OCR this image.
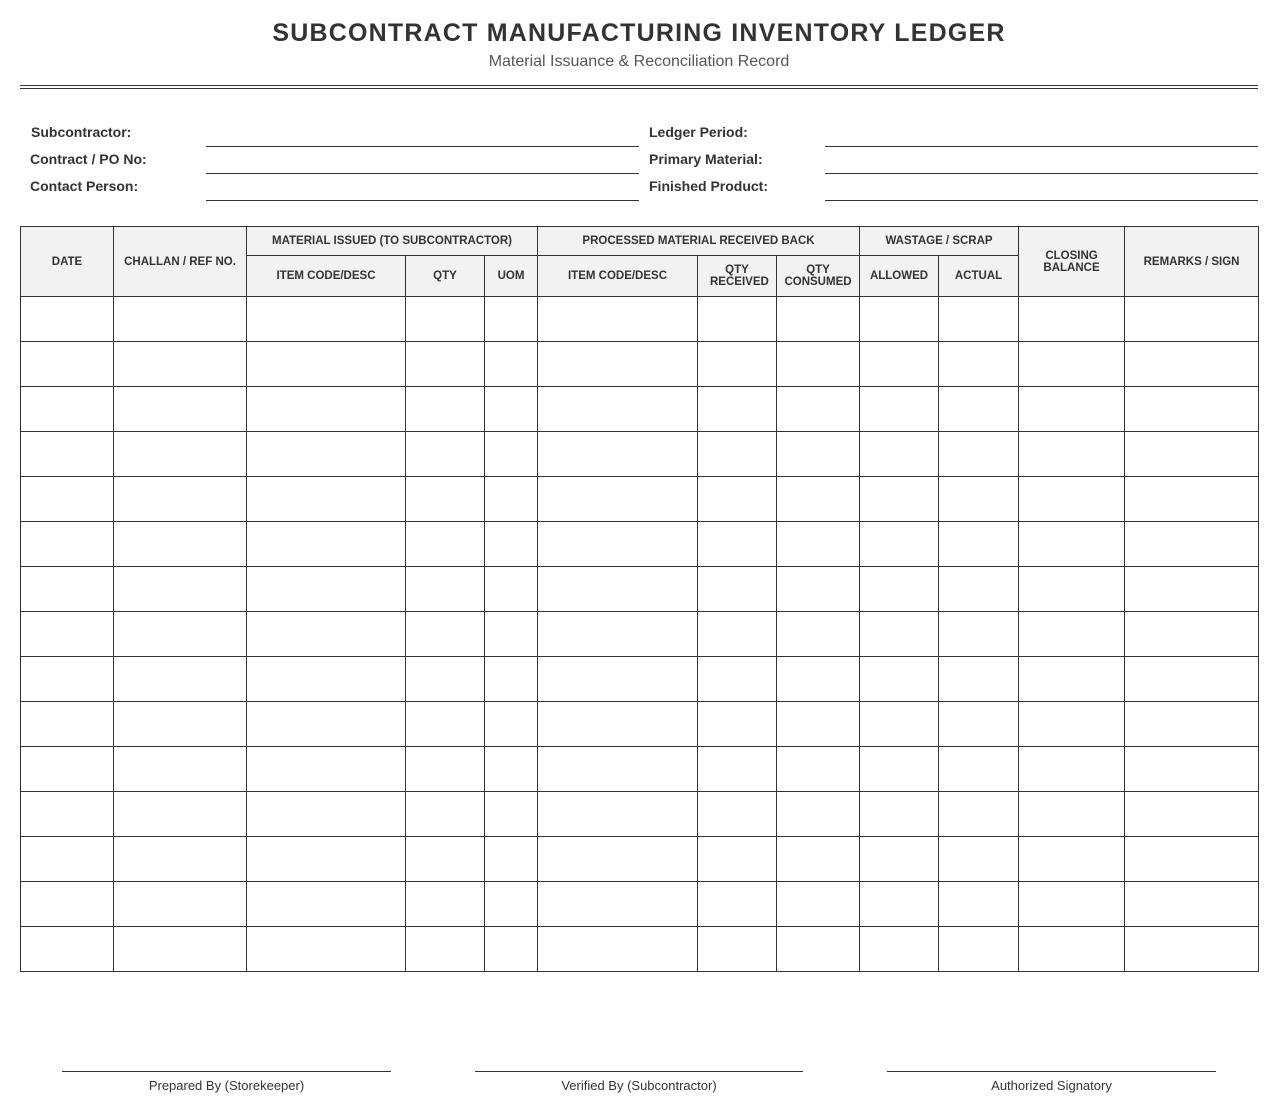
SUBCONTRACT MANUFACTURING INVENTORY LEDGER
Material Issuance & Reconciliation Record
Subcontractor:
Contract / PO No:
Contact Person:
Ledger Period:
Primary Material:
Finished Product:
DATE	CHALLAN / REF NO.	MATERIAL ISSUED (TO SUBCONTRACTOR)			PROCESSED MATERIAL RECEIVED BACK			WASTAGE / SCRAP		CLOSING BALANCE	REMARKS / SIGN
		ITEM CODE/DESC	QTY	UOM	ITEM CODE/DESC	QTY RECEIVED	QTY CONSUMED	ALLOWED	ACTUAL		

Prepared By (Storekeeper)	Verified By (Subcontractor)	Authorized Signatory
